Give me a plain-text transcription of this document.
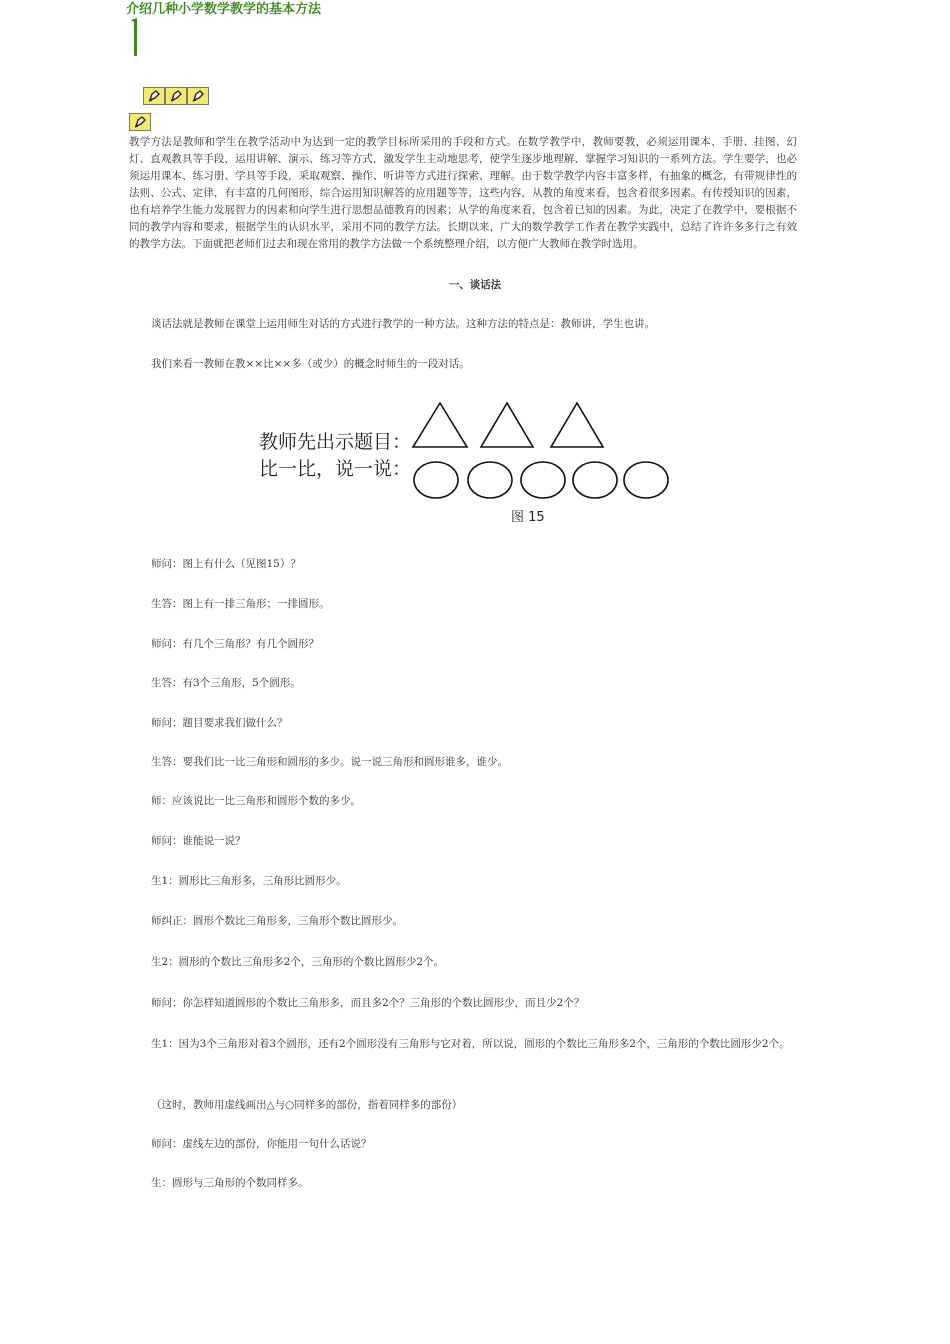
介绍几种小学数学教学的基本方法

教学方法是教师和学生在教学活动中为达到一定的教学目标所采用的手段和方式。在数学教学中，教师要教，必须运用课本、手册、挂图、幻灯、直观教具等手段，运用讲解、演示、练习等方式，激发学生主动地思考，使学生逐步地理解、掌握学习知识的一系列方法。学生要学，也必须运用课本、练习册、学具等手段，采取观察、操作、听讲等方式进行探索、理解。由于数学教学内容丰富多样，有抽象的概念，有带规律性的法则、公式、定律，有丰富的几何图形，综合运用知识解答的应用题等等，这些内容，从教的角度来看，包含着很多因素。有传授知识的因素，也有培养学生能力发展智力的因素和向学生进行思想品德教育的因素；从学的角度来看，包含着已知的因素。为此，决定了在教学中，要根据不同的教学内容和要求，根据学生的认识水平，采用不同的教学方法。长期以来，广大的数学教学工作者在教学实践中，总结了许许多多行之有效的教学方法。下面就把老师们过去和现在常用的教学方法做一个系统整理介绍，以方便广大教师在教学时选用。

一、谈话法

谈话法就是教师在课堂上运用师生对话的方式进行教学的一种方法。这种方法的特点是：教师讲，学生也讲。

我们来看一教师在教××比××多（或少）的概念时师生的一段对话。

教师先出示题目：
比一比，说一说：
图 15

师问：图上有什么（见图15）？

生答：图上有一排三角形；一排圆形。

师问：有几个三角形？有几个圆形？

生答：有3个三角形，5个圆形。

师问：题目要求我们做什么？

生答：要我们比一比三角形和圆形的多少。说一说三角形和圆形谁多，谁少。

师：应该说比一比三角形和圆形个数的多少。

师问：谁能说一说？

生1：圆形比三角形多，三角形比圆形少。

师纠正：圆形个数比三角形多，三角形个数比圆形少。

生2：圆形的个数比三角形多2个，三角形的个数比圆形少2个。

师问：你怎样知道圆形的个数比三角形多，而且多2个？三角形的个数比圆形少，而且少2个？

生1：因为3个三角形对着3个圆形，还有2个圆形没有三角形与它对着，所以说，圆形的个数比三角形多2个，三角形的个数比圆形少2个。

（这时，教师用虚线画出△与○同样多的部份，指着同样多的部份）

师问：虚线左边的部份，你能用一句什么话说？

生：圆形与三角形的个数同样多。
